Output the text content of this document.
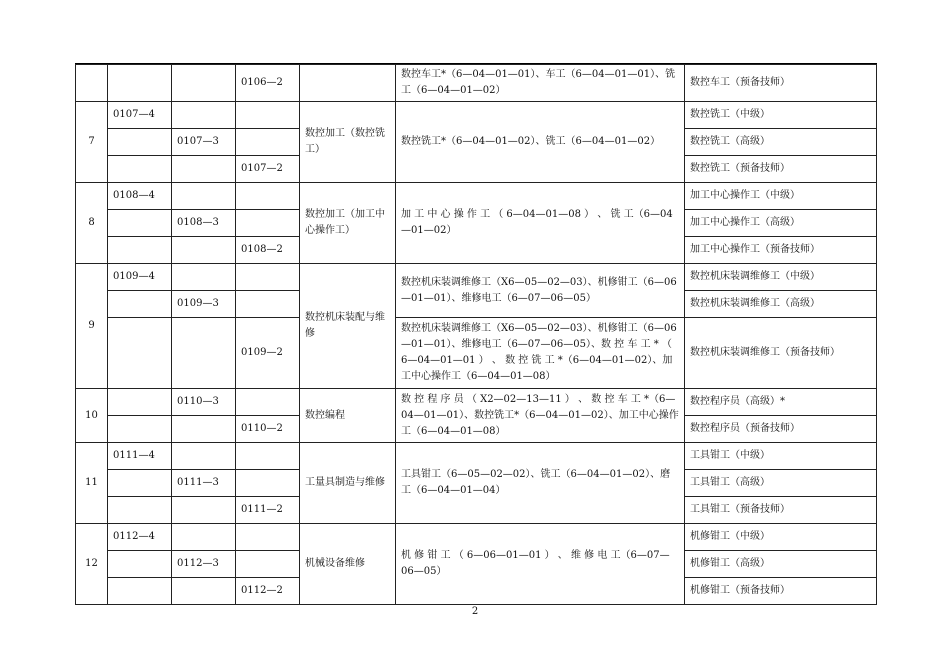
			0106—2		数控车工*（6—04—01—01）、车工（6—04—01—01）、铣工（6—04—01—02）	数控车工（预备技师）
7	0107—4			数控加工（数控铣工）	数控铣工*（6—04—01—02）、铣工（6—04—01—02）	数控铣工（中级）
		0107—3				数控铣工（高级）
			0107—2			数控铣工（预备技师）
8	0108—4			数控加工（加工中心操作工）	加 工 中 心 操 作 工 （ 6—04—01—08 ） 、 铣 工（6—04—01—02）	加工中心操作工（中级）
		0108—3				加工中心操作工（高级）
			0108—2			加工中心操作工（预备技师）
9	0109—4			数控机床装配与维修	数控机床装调维修工（X6—05—02—03）、机修钳工（6—06—01—01）、维修电工（6—07—06—05）	数控机床装调维修工（中级）
		0109—3				数控机床装调维修工（高级）
			0109—2		数控机床装调维修工（X6—05—02—03）、机修钳工（6—06—01—01）、维修电工（6—07—06—05）、数 控 车 工 * （ 6—04—01—01 ） 、 数 控 铣 工 *（6—04—01—02）、加工中心操作工（6—04—01—08）	数控机床装调维修工（预备技师）
10		0110—3		数控编程	数 控 程 序 员 （ X2—02—13—11 ） 、 数 控 车 工 *（6—04—01—01）、数控铣工*（6—04—01—02）、加工中心操作工（6—04—01—08）	数控程序员（高级）*
			0110—2			数控程序员（预备技师）
11	0111—4			工量具制造与维修	工具钳工（6—05—02—02）、铣工（6—04—01—02）、磨工（6—04—01—04）	工具钳工（中级）
		0111—3				工具钳工（高级）
			0111—2			工具钳工（预备技师）
12	0112—4			机械设备维修	机 修 钳 工 （ 6—06—01—01 ） 、 维 修 电 工（6—07—06—05）	机修钳工（中级）
		0112—3				机修钳工（高级）
			0112—2			机修钳工（预备技师）
2
